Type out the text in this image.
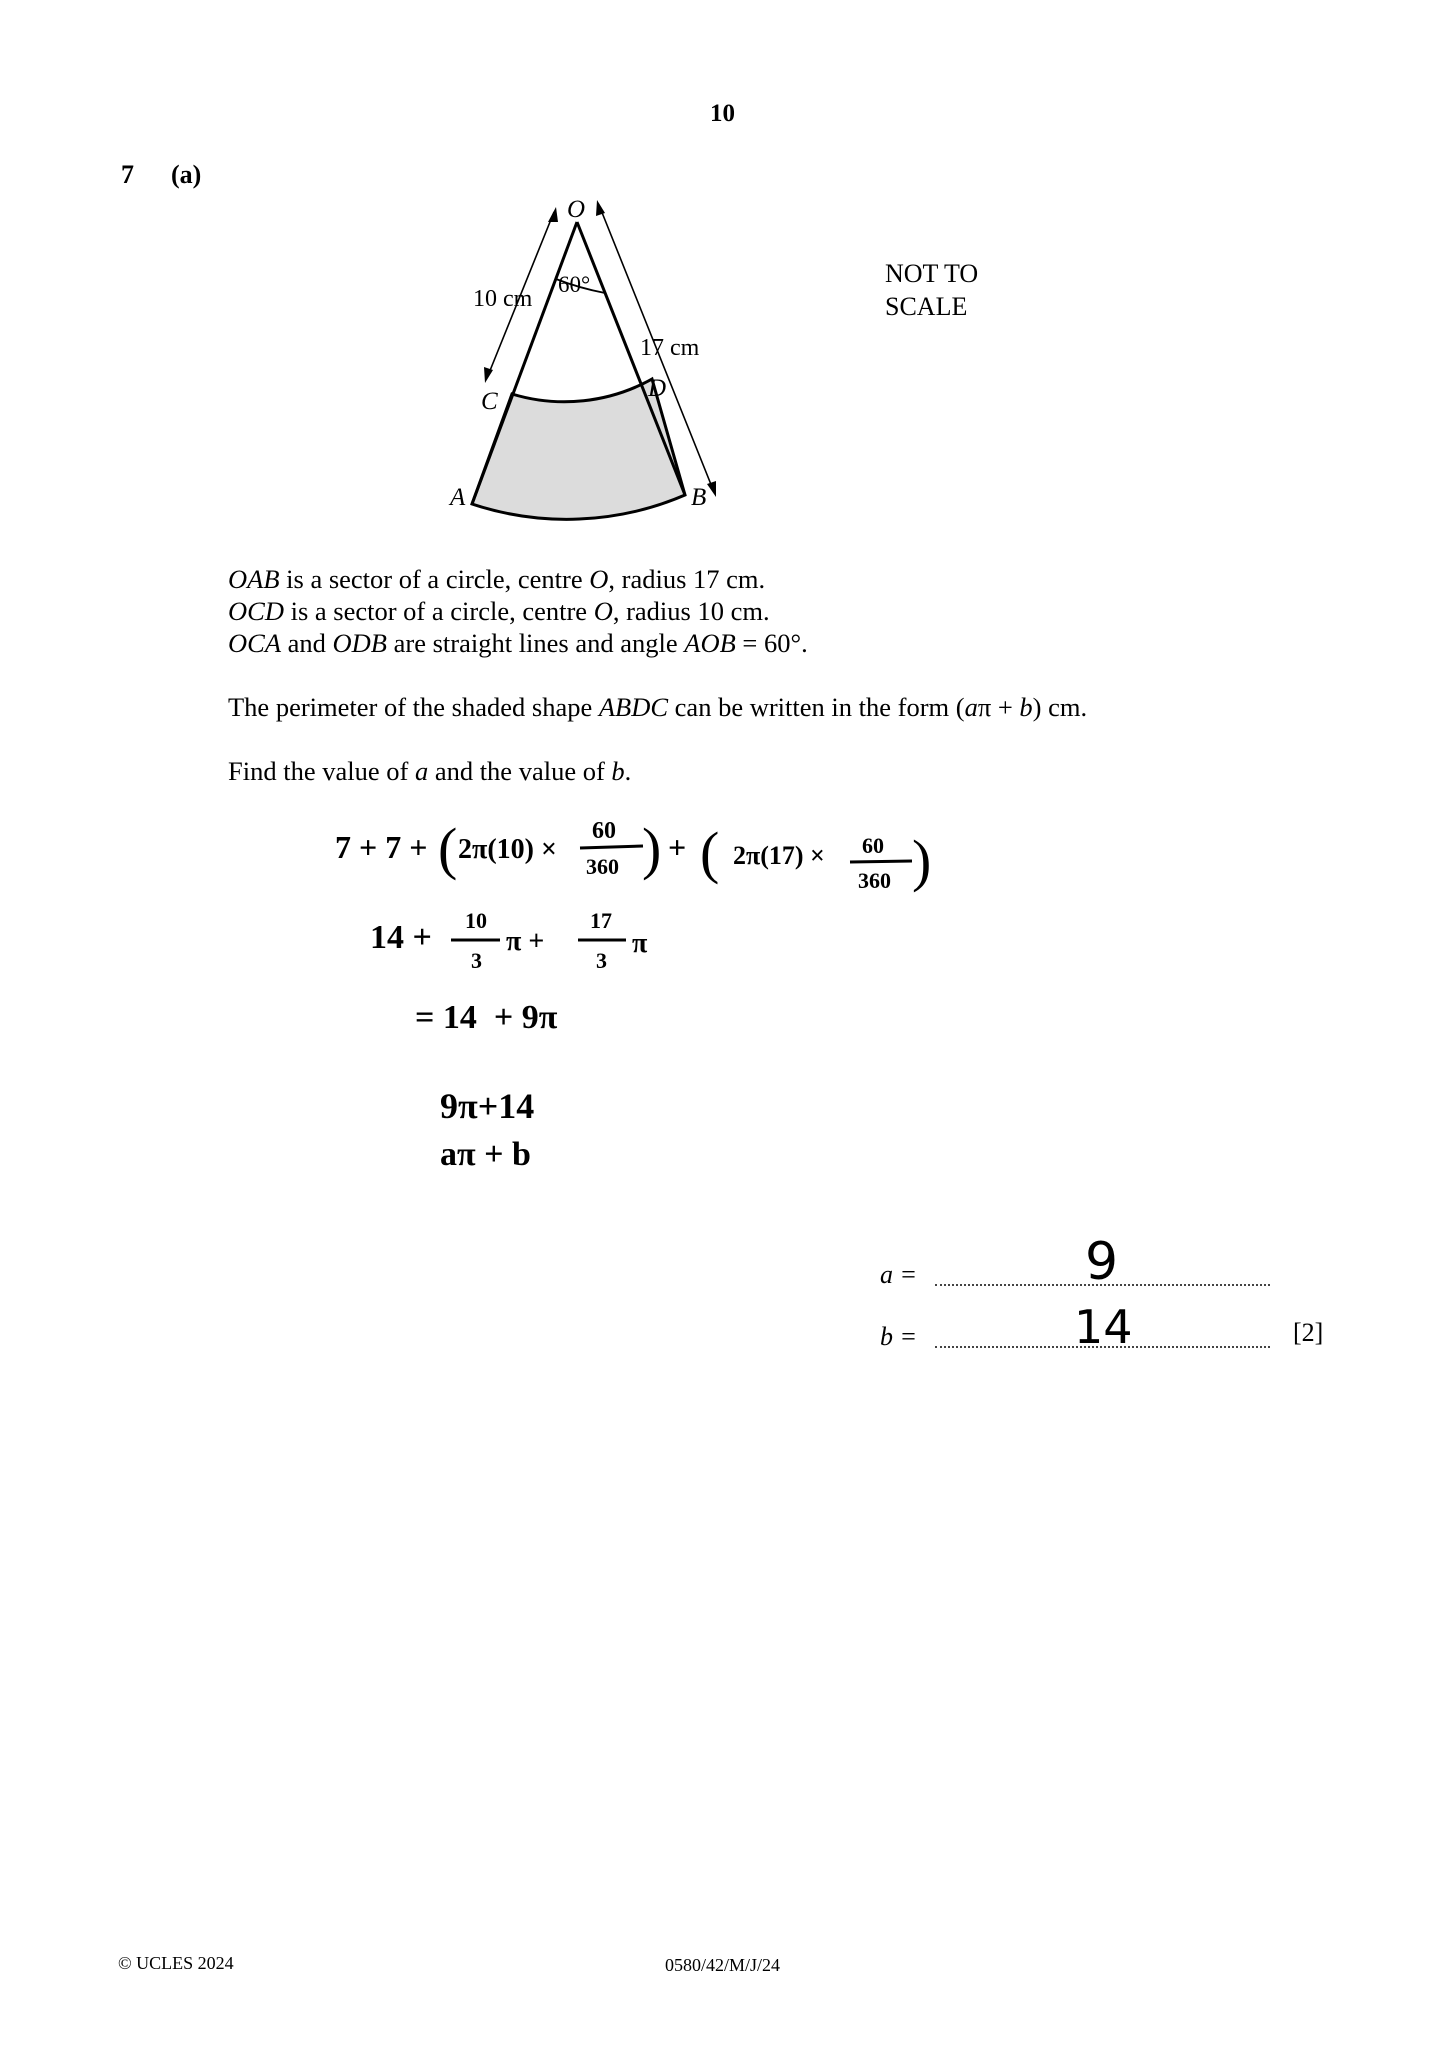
10
7 (a)
O
A	B
C	D
60°
10 cm
17 cm
NOT TO
SCALE
OAB is a sector of a circle, centre O, radius 17 cm.
OCD is a sector of a circle, centre O, radius 10 cm.
OCA and ODB are straight lines and angle AOB = 60°.
The perimeter of the shaded shape ABDC can be written in the form (aπ + b) cm.
Find the value of a and the value of b.
7 + 7 + ( 2π(10) ×
60
360 ) + ( 2π(17) × 60
360 )
14 + 10
3
π +
17
3
π
= 14  + 9π
9π+14
aπ + b
a =	9
b =	14	[2]
© UCLES 2024	0580/42/M/J/24
